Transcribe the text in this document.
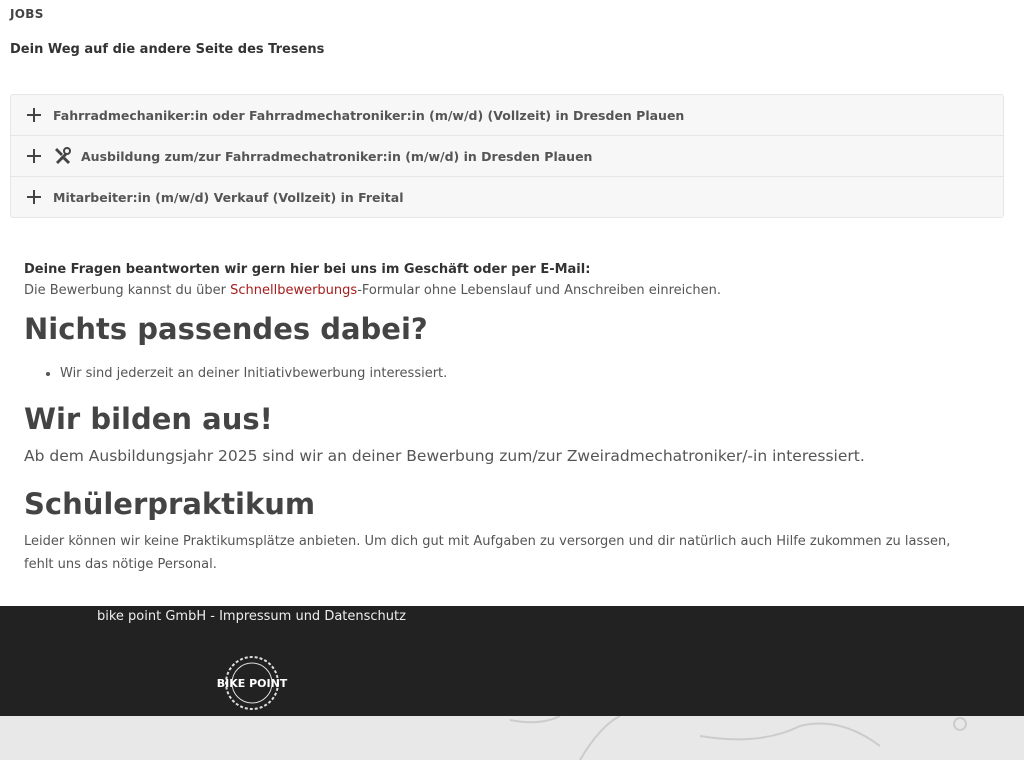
JOBS
Dein Weg auf die andere Seite des Tresens
Fahrradmechaniker:in oder Fahrradmechatroniker:in (m/w/d) (Vollzeit) in Dresden Plauen
Ausbildung zum/zur Fahrradmechatroniker:in (m/w/d) in Dresden Plauen
Mitarbeiter:in (m/w/d) Verkauf (Vollzeit) in Freital

Deine Fragen beantworten wir gern hier bei uns im Geschäft oder per E-Mail:

Die Bewerbung kannst du über Schnellbewerbungs-Formular ohne Lebenslauf und Anschreiben einreichen.

Nichts passendes dabei?
• Wir sind jederzeit an deiner Initiativbewerbung interessiert.
Wir bilden aus!

Ab dem Ausbildungsjahr 2025 sind wir an deiner Bewerbung zum/zur Zweiradmechatroniker/-in interessiert.

Schülerpraktikum

Leider können wir keine Praktikumsplätze anbieten. Um dich gut mit Aufgaben zu versorgen und dir natürlich auch Hilfe zukommen zu lassen, fehlt uns das nötige Personal.

bike point GmbH - Impressum und Datenschutz
BIKE POINT
